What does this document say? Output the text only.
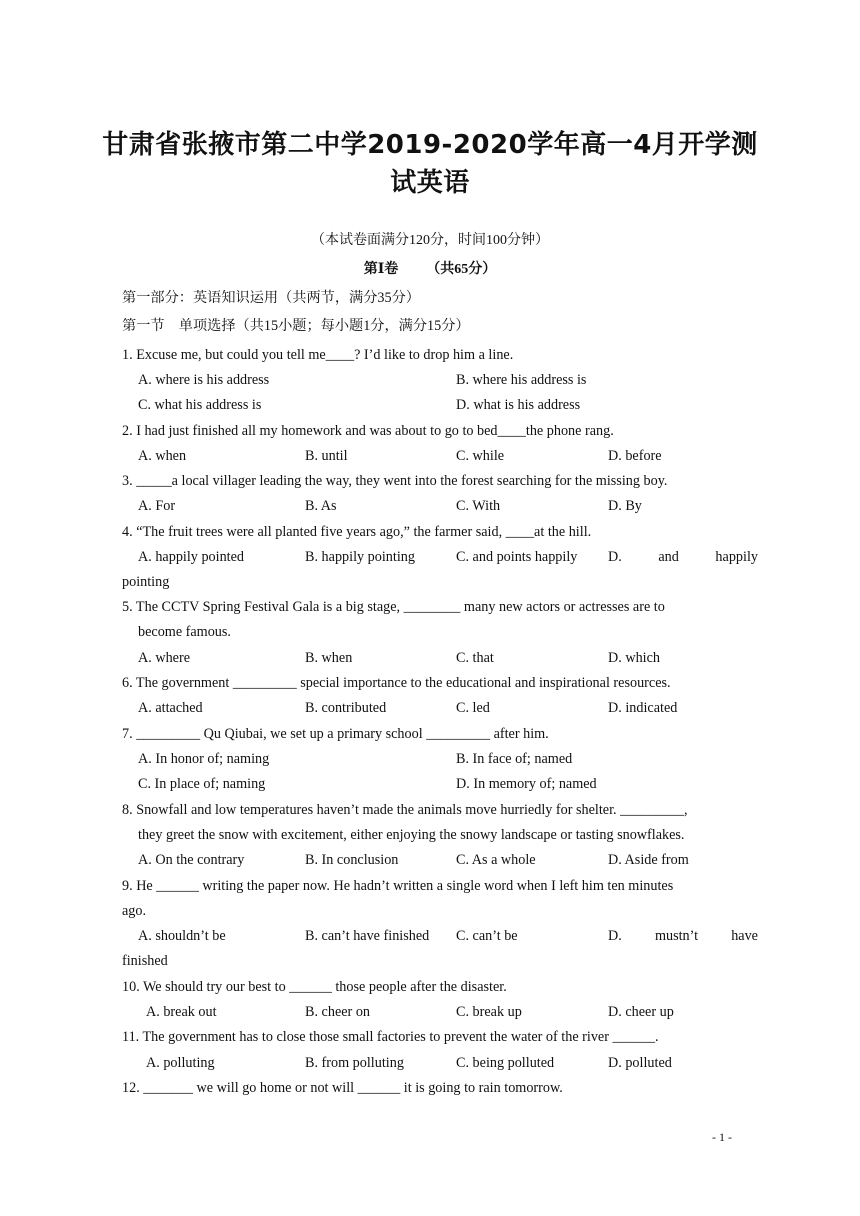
甘肃省张掖市第二中学2019-2020学年高一4月开学测
试英语
（本试卷面满分120分，时间100分钟）
第Ⅰ卷 （共65分）
第一部分：英语知识运用（共两节，满分35分）
第一节　单项选择（共15小题；每小题1分，满分15分）
1. Excuse me, but could you tell me____? I’d like to drop him a line.
A. where is his address	B. where his address is
C. what his address is	D. what is his address
2. I had just finished all my homework and was about to go to bed____the phone rang.
A. when	B. until	C. while	D. before
3. _____a local villager leading the way, they went into the forest searching for the missing boy.
A. For	B. As	C. With	D. By
4. “The fruit trees were all planted five years ago,” the farmer said, ____at the hill.
A. happily pointed	B. happily pointing	C. and points happily D.	and	happily
pointing
5. The CCTV Spring Festival Gala is a big stage, ________ many new actors or actresses are to
become famous.
A. where	B. when	C. that	D. which
6. The government _________ special importance to the educational and inspirational resources.
A. attached	B. contributed	C. led	D. indicated
7. _________ Qu Qiubai, we set up a primary school _________ after him.
A. In honor of; naming	B. In face of; named
C. In place of; naming	D. In memory of; named
8. Snowfall and low temperatures haven’t made the animals move hurriedly for shelter. _________,
they greet the snow with excitement, either enjoying the snowy landscape or tasting snowflakes.
A. On the contrary	B. In conclusion	C. As a whole	D. Aside from
9. He ______ writing the paper now. He hadn’t written a single word when I left him ten minutes
ago.
A. shouldn’t be	B. can’t have finished C. can’t be	D. mustn’t have
finished
10. We should try our best to ______ those people after the disaster.
A. break out	B. cheer on	C. break up	D. cheer up
11. The government has to close those small factories to prevent the water of the river ______.
A. polluting	B. from polluting	C. being polluted	D. polluted
12. _______ we will go home or not will ______ it is going to rain tomorrow.
- 1 -
